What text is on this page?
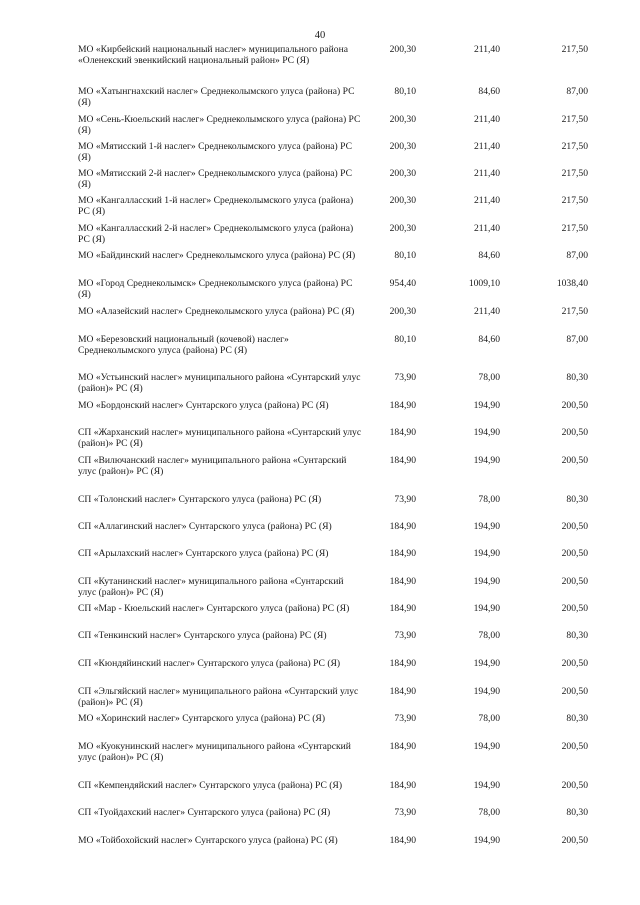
40
МО «Кирбейский национальный наслег» муниципального района «Оленекский эвенкийский национальный район» РС (Я)
200,30	211,40	217,50
МО «Хатынгнахский наслег» Среднеколымского улуса (района) РС (Я)
80,10	84,60	87,00
МО «Сень-Кюельский наслег» Среднеколымского улуса (района) РС (Я)
200,30	211,40	217,50
МО «Мятисский 1-й наслег» Среднеколымского улуса (района) РС (Я)
200,30	211,40	217,50
МО «Мятисский 2-й наслег» Среднеколымского улуса (района) РС (Я)
200,30	211,40	217,50
МО «Кангалласский 1-й наслег» Среднеколымского улуса (района) РС (Я)
200,30	211,40	217,50
МО «Кангалласский 2-й наслег» Среднеколымского улуса (района) РС (Я)
200,30	211,40	217,50
МО «Байдинский наслег» Среднеколымского улуса (района) РС (Я)	80,10	84,60	87,00
МО «Город Среднеколымск» Среднеколымского улуса (района) РС (Я)
954,40	1009,10	1038,40
МО «Алазейский наслег» Среднеколымского улуса (района) РС (Я)	200,30	211,40	217,50
МО «Березовский национальный (кочевой) наслег» Среднеколымского улуса (района) РС (Я)
80,10	84,60	87,00
МО «Устьинский наслег» муниципального района «Сунтарский улус (район)» РС (Я)
73,90	78,00	80,30
МО «Бордонский наслег» Сунтарского улуса (района) РС (Я)	184,90	194,90	200,50
СП «Жарханский наслег» муниципального района «Сунтарский улус (район)» РС (Я)
184,90	194,90	200,50
СП «Вилючанский наслег» муниципального района «Сунтарский улус (район)» РС (Я)
184,90	194,90	200,50
СП «Толонский наслег» Сунтарского улуса (района) РС (Я)	73,90	78,00	80,30
СП «Аллагинский наслег» Сунтарского улуса (района) РС (Я)	184,90	194,90	200,50
СП «Арылахский наслег» Сунтарского улуса (района) РС (Я)	184,90	194,90	200,50
СП «Кутанинский наслег» муниципального района «Сунтарский улус (район)» РС (Я)
184,90	194,90	200,50
СП «Мар - Кюельский наслег» Сунтарского улуса (района) РС (Я)	184,90	194,90	200,50
СП «Тенкинский наслег» Сунтарского улуса (района) РС (Я)	73,90	78,00	80,30
СП «Кюндяйинский наслег» Сунтарского улуса (района) РС (Я)	184,90	194,90	200,50
СП «Эльгяйский наслег» муниципального района «Сунтарский улус (район)» РС (Я)
184,90	194,90	200,50
МО «Хоринский наслег» Сунтарского улуса (района) РС (Я)	73,90	78,00	80,30
МО «Куокунинский наслег» муниципального района «Сунтарский улус (район)» РС (Я)
184,90	194,90	200,50
СП «Кемпендяйский наслег» Сунтарского улуса (района) РС (Я)	184,90	194,90	200,50
СП «Туойдахский наслег» Сунтарского улуса (района) РС (Я)	73,90	78,00	80,30
МО «Тойбохойский наслег» Сунтарского улуса (района) РС (Я)	184,90	194,90	200,50
